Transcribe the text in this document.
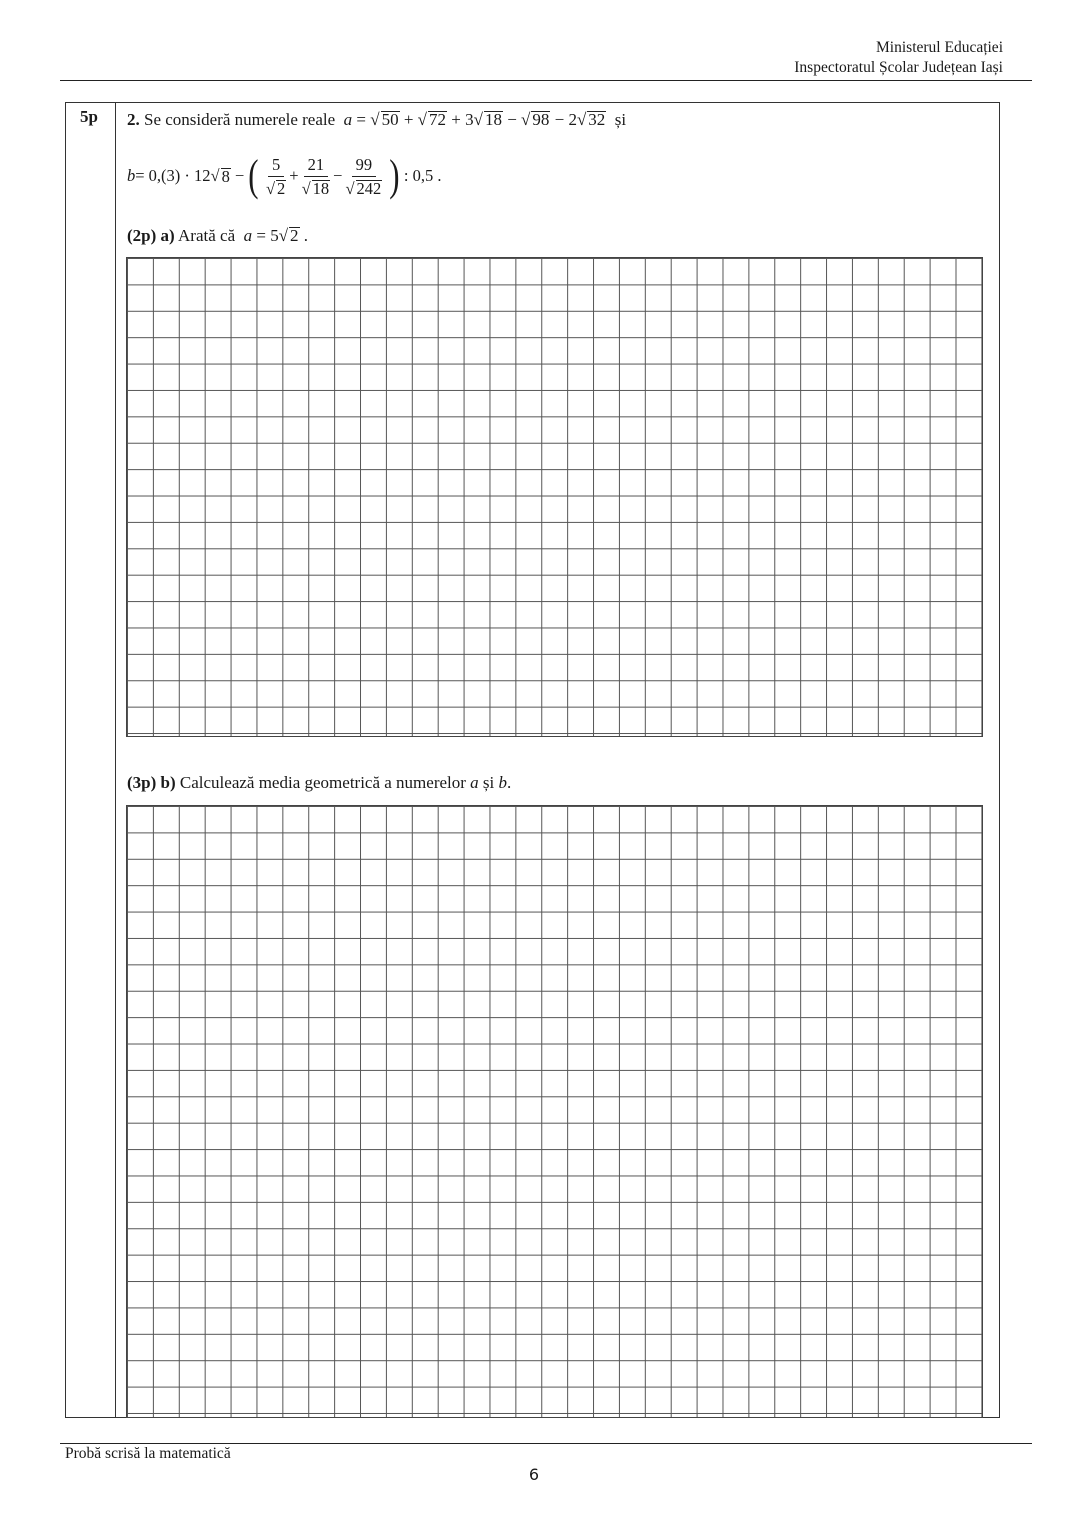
Ministerul Educației
Inspectoratul Școlar Județean Iași
5p 2. Se consideră numerele reale a = √ 50 + √ 72 + 3√ 18 − √ 98 − 2√ 32 și
b = 0,(3) · 12 √ 8 − ( $\frac{5}{√ 2} + \frac{21}{√ 18} - \frac{99}{√ 242}$ ) : 0,5 .
(2p) a) Arată că a = 5√ 2 .
(3p) b) Calculează media geometrică a numerelor a și b.
Probă scrisă la matematică
6
